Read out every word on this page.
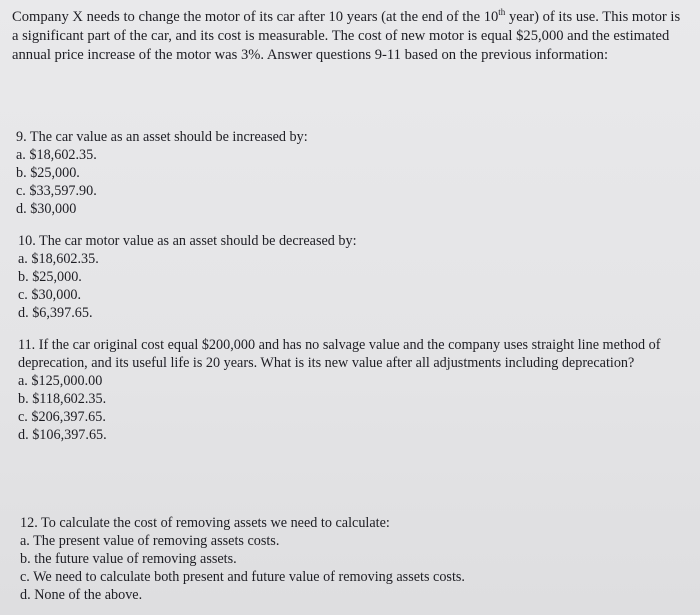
Company X needs to change the motor of its car after 10 years (at the end of the 10th year) of its use. This motor is a significant part of the car, and its cost is measurable. The cost of new motor is equal $25,000 and the estimated annual price increase of the motor was 3%. Answer questions 9-11 based on the previous information:

9. The car value as an asset should be increased by:

a. $18,602.35.
b. $25,000.
c. $33,597.90.
d. $30,000

10. The car motor value as an asset should be decreased by:

a. $18,602.35.
b. $25,000.
c. $30,000.
d. $6,397.65.

11. If the car original cost equal $200,000 and has no salvage value and the company uses straight line method of deprecation, and its useful life is 20 years. What is its new value after all adjustments including deprecation?

a. $125,000.00
b. $118,602.35.
c. $206,397.65.
d. $106,397.65.

12. To calculate the cost of removing assets we need to calculate:

a. The present value of removing assets costs.
b. the future value of removing assets.
c. We need to calculate both present and future value of removing assets costs.
d. None of the above.
